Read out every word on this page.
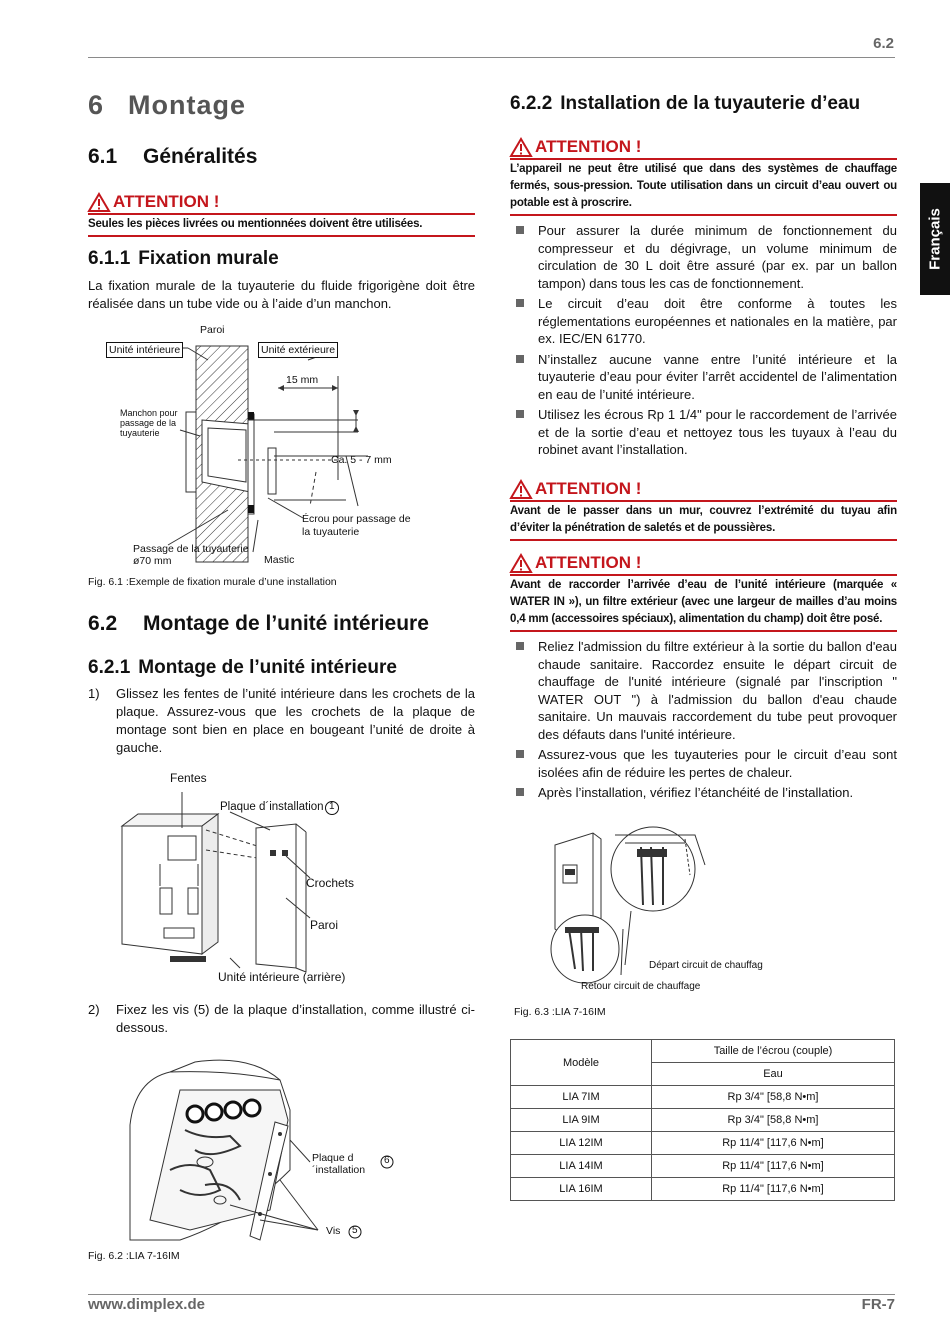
6.2
Français
6 Montage
6.1 Généralités
ATTENTION !
Seules les pièces livrées ou mentionnées doivent être utilisées.
6.1.1 Fixation murale
La fixation murale de la tuyauterie du fluide frigorigène doit être réalisée dans un tube vide ou à l’aide d’un manchon.
Paroi
Unité intérieure	Unité extérieure
15 mm
Manchon pour passage de la tuyauterie
Ca. 5 - 7 mm
Écrou pour passage de la tuyauterie
Passage de la tuyauterie ø70 mm	Mastic
Fig. 6.1 :Exemple de fixation murale d’une installation
6.2 Montage de l’unité intérieure
6.2.1 Montage de l’unité intérieure
1) Glissez les fentes de l’unité intérieure dans les crochets de la plaque. Assurez-vous que les crochets de la plaque de montage sont bien en place en bougeant l’unité de droite à gauche.
Fentes
Plaque d´installation 1
Crochets
Paroi
Unité intérieure (arrière)
2) Fixez les vis (5) de la plaque d’installation, comme illustré ci-dessous.
Plaque d´installation
6
Vis 5
Fig. 6.2 :LIA 7-16IM
6.2.2 Installation de la tuyauterie d’eau
ATTENTION !
L’appareil ne peut être utilisé que dans des systèmes de chauffage fermés, sous-pression. Toute utilisation dans un circuit d’eau ouvert ou potable est à proscrire.
Pour assurer la durée minimum de fonctionnement du compresseur et du dégivrage, un volume minimum de circulation de 30 L doit être assuré (par ex. par un ballon tampon) dans tous les cas de fonctionnement.
Le circuit d’eau doit être conforme à toutes les réglementations européennes et nationales en la matière, par ex. IEC/EN 61770.
N’installez aucune vanne entre l’unité intérieure et la tuyauterie d’eau pour éviter l’arrêt accidentel de l’alimentation en eau de l’unité intérieure.
Utilisez les écrous Rp 1 1/4" pour le raccordement de l’arrivée et de la sortie d’eau et nettoyez tous les tuyaux à l’eau du robinet avant l’installation.
ATTENTION !
Avant de le passer dans un mur, couvrez l’extrémité du tuyau afin d’éviter la pénétration de saletés et de poussières.
ATTENTION !
Avant de raccorder l’arrivée d’eau de l’unité intérieure (marquée « WATER IN »), un filtre extérieur (avec une largeur de mailles d’au moins 0,4 mm (accessoires spéciaux), alimentation du champ) doit être posé.
Reliez l'admission du filtre extérieur à la sortie du ballon d'eau chaude sanitaire. Raccordez ensuite le départ circuit de chauffage de l'unité intérieure (signalé par l'inscription " WATER OUT ") à l'admission du ballon d'eau chaude sanitaire. Un mauvais raccordement du tube peut provoquer des défauts dans l'unité intérieure.
Assurez-vous que les tuyauteries pour le circuit d’eau sont isolées afin de réduire les pertes de chaleur.
Après l’installation, vérifiez l’étanchéité de l’installation.
Départ circuit de chauffag
Retour circuit de chauffage
Fig. 6.3 :LIA 7-16IM
Modèle	Taille de l’écrou (couple)
	Eau
LIA 7IM	Rp 3/4" [58,8 N•m]
LIA 9IM	Rp 3/4" [58,8 N•m]
LIA 12IM	Rp 11/4" [117,6 N•m]
LIA 14IM	Rp 11/4" [117,6 N•m]
LIA 16IM	Rp 11/4" [117,6 N•m]
www.dimplex.de	FR-7
